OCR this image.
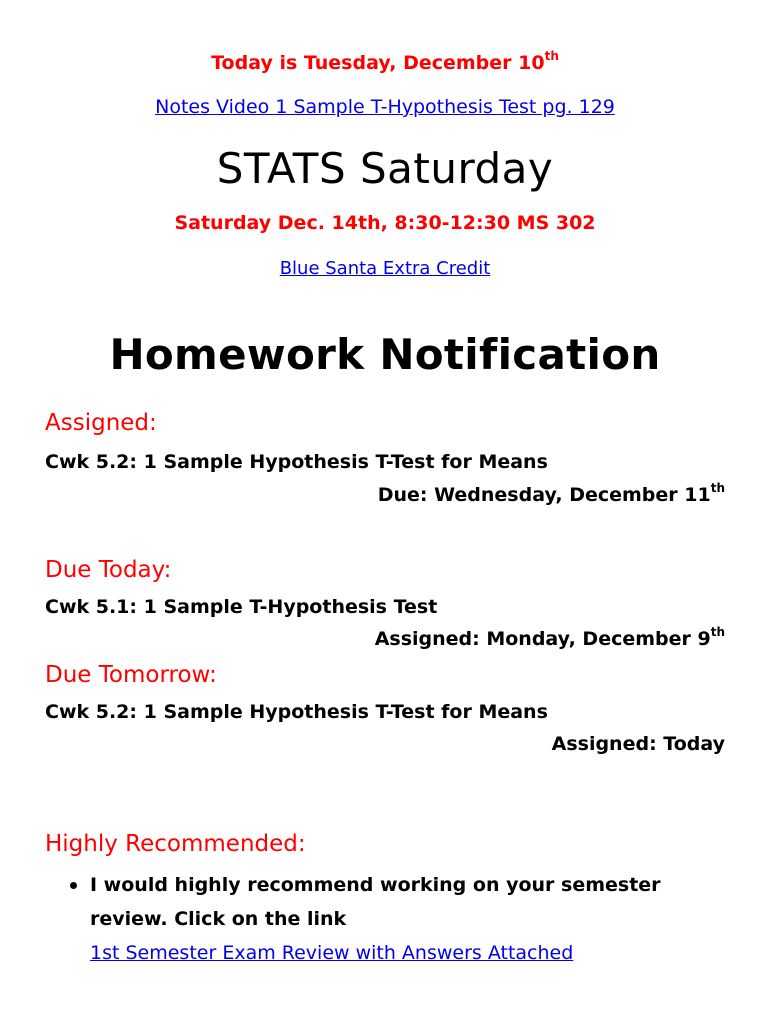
Today is Tuesday, December 10th
Notes Video 1 Sample T-Hypothesis Test pg. 129
STATS Saturday
Saturday Dec. 14th, 8:30-12:30 MS 302
Blue Santa Extra Credit
Homework Notification
Assigned:
Cwk 5.2: 1 Sample Hypothesis T-Test for Means
Due: Wednesday, December 11th
Due Today:
Cwk 5.1: 1 Sample T-Hypothesis Test
Assigned: Monday, December 9th
Due Tomorrow:
Cwk 5.2: 1 Sample Hypothesis T-Test for Means
Assigned: Today
Highly Recommended:
I would highly recommend working on your semester review. Click on the link
1st Semester Exam Review with Answers Attached
